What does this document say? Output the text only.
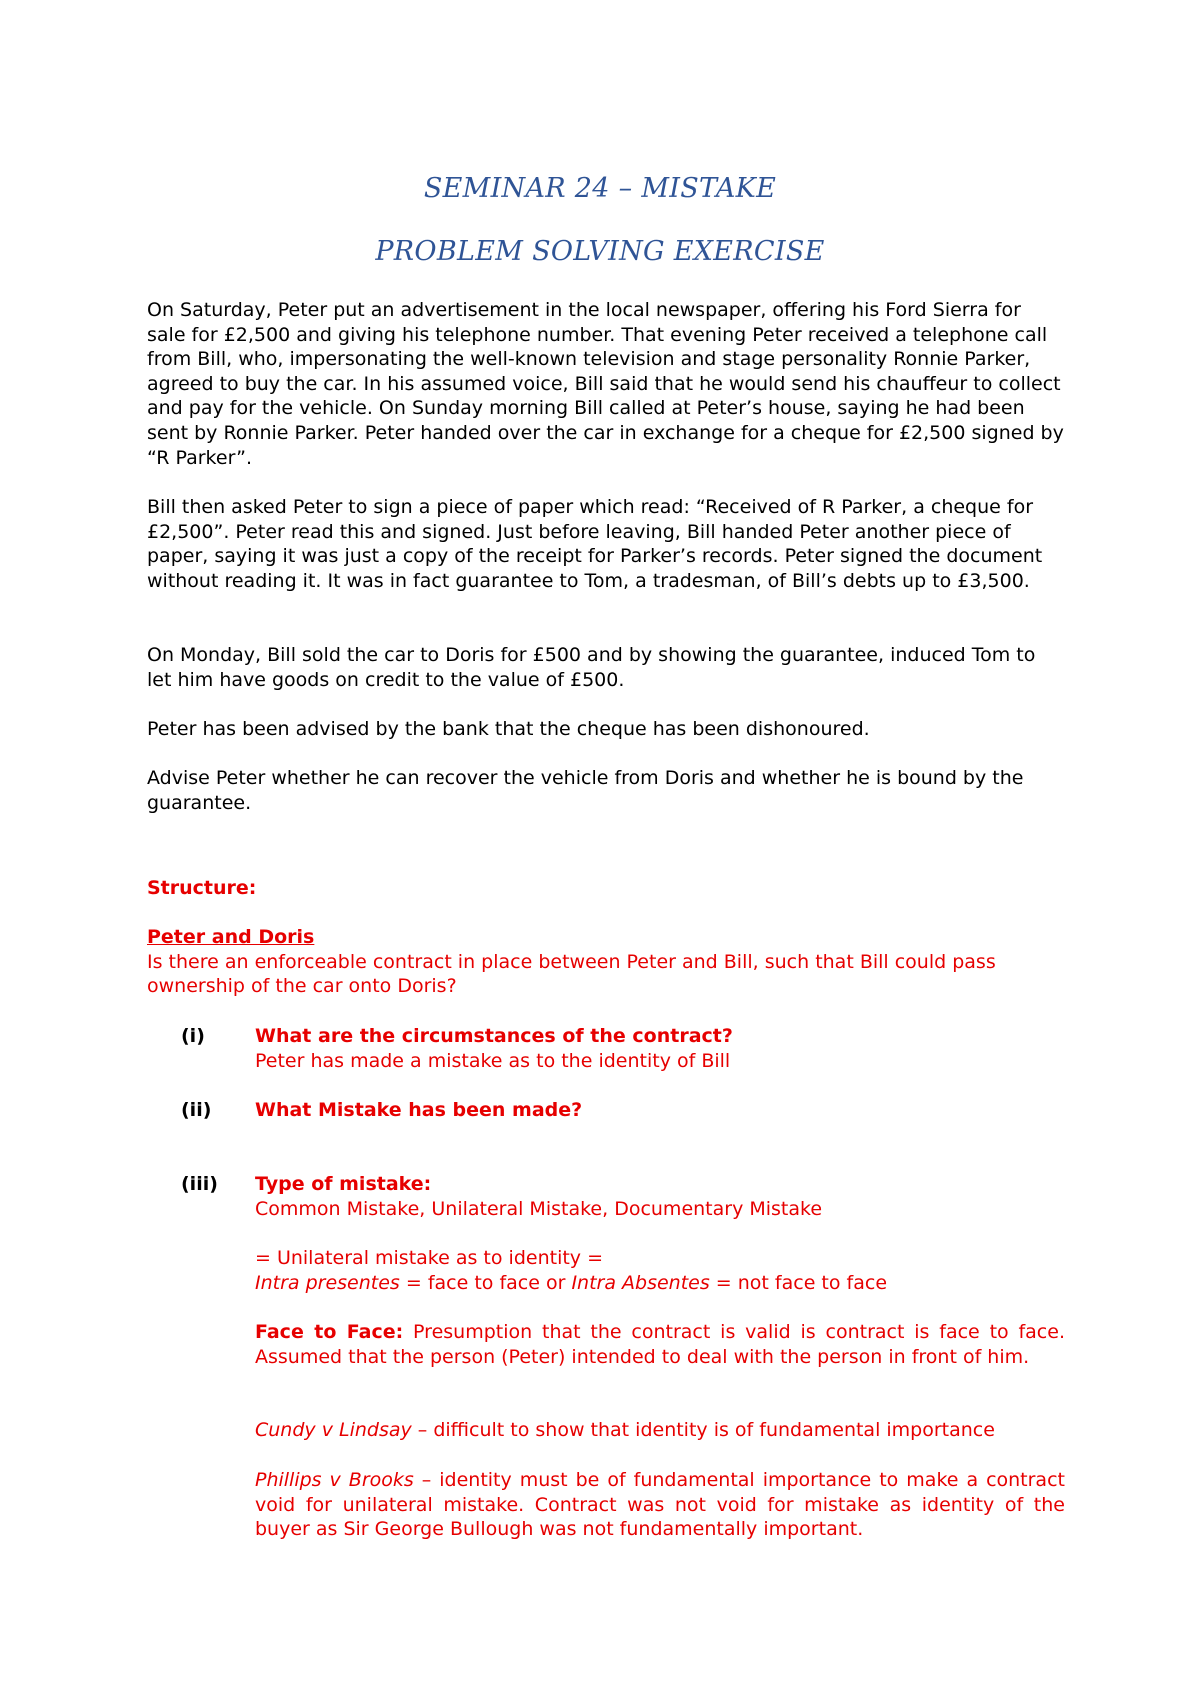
SEMINAR 24 – MISTAKE
PROBLEM SOLVING EXERCISE

On Saturday, Peter put an advertisement in the local newspaper, offering his Ford Sierra for sale for £2,500 and giving his telephone number. That evening Peter received a telephone call from Bill, who, impersonating the well-known television and stage personality Ronnie Parker, agreed to buy the car. In his assumed voice, Bill said that he would send his chauffeur to collect and pay for the vehicle. On Sunday morning Bill called at Peter’s house, saying he had been sent by Ronnie Parker. Peter handed over the car in exchange for a cheque for £2,500 signed by “R Parker”.

Bill then asked Peter to sign a piece of paper which read: “Received of R Parker, a cheque for £2,500”. Peter read this and signed. Just before leaving, Bill handed Peter another piece of paper, saying it was just a copy of the receipt for Parker’s records. Peter signed the document without reading it. It was in fact guarantee to Tom, a tradesman, of Bill’s debts up to £3,500.

On Monday, Bill sold the car to Doris for £500 and by showing the guarantee, induced Tom to let him have goods on credit to the value of £500.

Peter has been advised by the bank that the cheque has been dishonoured.

Advise Peter whether he can recover the vehicle from Doris and whether he is bound by the guarantee.

Structure:

Peter and Doris

Is there an enforceable contract in place between Peter and Bill, such that Bill could pass ownership of the car onto Doris?

(i)	What are the circumstances of the contract?

Peter has made a mistake as to the identity of Bill

(ii) What Mistake has been made?

(iii) Type of mistake:

Common Mistake, Unilateral Mistake, Documentary Mistake

= Unilateral mistake as to identity =

Intra presentes = face to face or Intra Absentes = not face to face

Face to Face: Presumption that the contract is valid is contract is face to face. Assumed that the person (Peter) intended to deal with the person in front of him.

Cundy v Lindsay – difficult to show that identity is of fundamental importance

Phillips v Brooks – identity must be of fundamental importance to make a contract void for unilateral mistake. Contract was not void for mistake as identity of the buyer as Sir George Bullough was not fundamentally important.
